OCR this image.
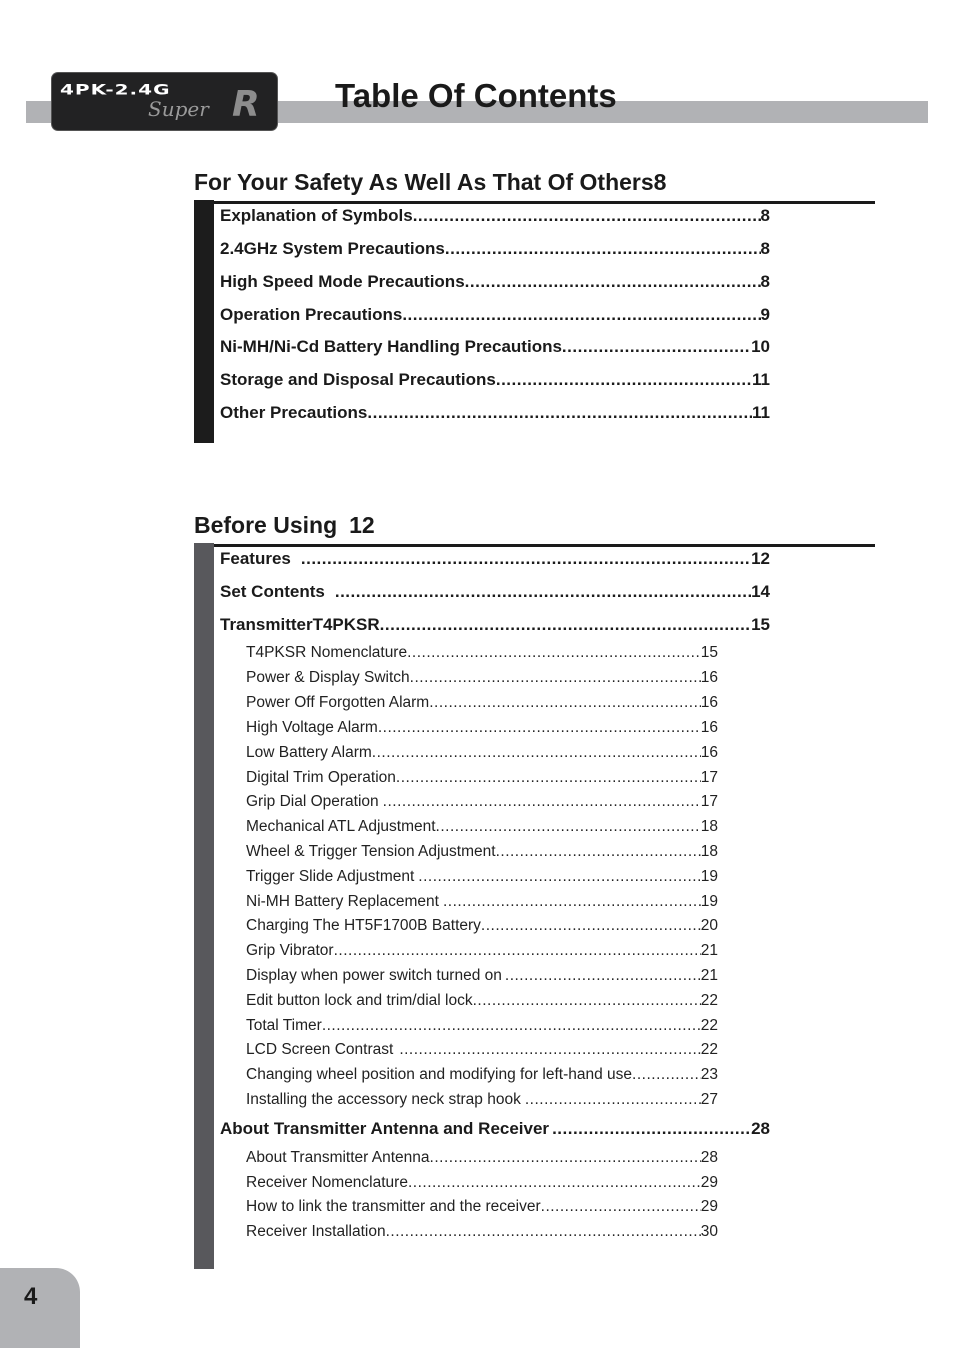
4PK-2.4G
Super R Table Of Contents
For Your Safety As Well As That Of Others 8
Explanation of Symbols .....	8
2.4GHz System Precautions .....	8
High Speed Mode Precautions .....	8
Operation Precautions .....	9
Ni-MH/Ni-Cd Battery Handling Precautions .....	10
Storage and Disposal Precautions .....	11
Other Precautions .....	11
Before Using 12
Features .....	12
Set Contents .....	14
TransmitterT4PKSR .....	15
T4PKSR Nomenclature .....	15
Power & Display Switch .....	16
Power Off Forgotten Alarm .....	16
High Voltage Alarm .....	16
Low Battery Alarm .....	16
Digital Trim Operation .....	17
Grip Dial Operation .....	17
Mechanical ATL Adjustment .....	18
Wheel & Trigger Tension Adjustment .....	18
Trigger Slide Adjustment .....	19
Ni-MH Battery Replacement .....	19
Charging The HT5F1700B Battery .....	20
Grip Vibrator .....	21
Display when power switch turned on .....	21
Edit button lock and trim/dial lock .....	22
Total Timer .....	22
LCD Screen Contrast .....	22
Changing wheel position and modifying for left-hand use .....	23
Installing the accessory neck strap hook .....	27
About Transmitter Antenna and Receiver .....	28
About Transmitter Antenna .....	28
Receiver Nomenclature .....	29
How to link the transmitter and the receiver .....	29
Receiver Installation .....	30
4
